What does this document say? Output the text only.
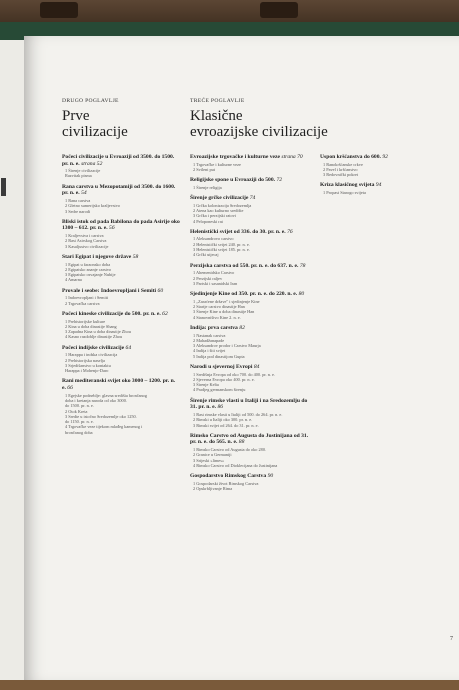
DRUGO POGLAVLJE
Prve
civilizacije
TREĆE POGLAVLJE
Klasične
evroazijske civilizacije
Počeci civilizacije u Evroaziji od 3500. do 1500. pr. n. e. strana 52
1 Širenje civilizacije
Razvitak pisma
Rana carstva u Mezopotamiji od 3500. do 1600. pr. n. e. 54
1 Rana carstva
2 Gletno sumerijsko kraljevstvo
3 Sedre narodi
Bliski istok od pada Babilona do pada Asirije oko 1300 – 612. pr. n. e. 56
1 Kraljevstva i carstva
2 Rast Asirskog Carstva
3 Kasaljustvo civilizacije
Stari Egipat i njegove države 58
1 Egipat u faraonsko doba
2 Egipatsko znanje carstvo
3 Egipatsko osvajanje Nubije
4 Amarna
Provale i seobe: Indoevropljani i Semiti 60
1 Indoevropljani i Semiti
2 Trgovačka carstva
Počeci kineske civilizacije do 500. pr. n. e. 62
1 Prehistorijske kulture
2 Kina u doba dinastije Shang
3 Zapadna Kina u doba dinastije Zhou
4 Kasno razdoblje dinastije Zhou
Počeci indijske civilizacije 64
1 Harappa i indska civilizacija
2 Prehistorijska naselja
3 Srjedišanstvo u kontaktu
Harappa i Mohenjo-Daro
Rani mediteranski svijet oko 3000 – 1200. pr. n. e. 66
1 Egejske podneblje: glavna središta brončanog
doba i kretanja naroda od oko 3000.
do 1500. pr. n. e.
2 Otok Kreta
3 Sredte u istočno Sredozemlje oko 1250.
do 1150. pr. n. e.
4 Trgovačke veze tijekom mlađeg kamenog i
brončanog doba
Evroazijske trgovačke i kulturne veze strana 70
1 Trgovačke i kulturne veze
2 Svileni put
Religijske spone u Evroaziji do 500. 72
1 Širenje religija
Širenje grčke civilizacije 74
1 Grčka kolonizacija Sredozemlja
2 Atena kao kulturno središte
3 Grčka i perzijski ratovi
4 Peloponeski rat
Helenistički svijet od 336. do 30. pr. n. e. 76
1 Aleksandrovo carstvo
2 Helenistički svijet 240. pr. n. e.
3 Helenistički svijet 185. pr. n. e.
4 Grčki utjecaj
Perzijska carstva od 550. pr. n. e. do 637. n. e. 78
1 Ahemenidsko Carstvo
2 Perzijski raljev
3 Partski i sasanidski Iran
Sjedinjenje Kine od 350. pr. n. e. do 220. n. e. 80
1 „Zaraćene države" i sjedinjenje Kine
2 Startje carstvo dinastije Han
3 Širenje Kine u doba dinastije Han
4 Stanovništvo Kine 2. n. e.
Indija: prva carstva 82
1 Nastanak carstva
2 Mahadžanapade
3 Aleksandrov prodor i Carstvo Maurja
4 Indija i šiti svijet
5 Indija pod dinastijom Gupta
Narodi u sjevernoj Evropi 84
1 Središnja Evropa od oko 700. do 400. pr. n. e.
2 Sjeverna Evropa oko 400. pr. n. e.
3 Širenje Kelta
4 Pradjeg germanskom širenju
Širenje rimske vlasti u Italiji i na Sredozemlju do 31. pr. n. e. 86
1 Rast rimske vlasti u Italiji od 500. do 264. pr. n. e.
2 Rimski u Italiji oko 300. pr. n. e.
3 Rimski svijet od 264. do 31. pr. n. e.
Rimsko Carstvo od Augusta do Justinijana od 31. pr. n. e. do 565. n. e. 88
1 Rimsko Carstvo od Augusta do oko 280.
2 Granice u Germaniji
3 Srijeski »limes«
4 Rimsko Carstvo od Dioklecijana do Justinijana
Gospodarstvo Rimskog Carstva 90
1 Gospodarski život Rimskog Carstva
2 Opskrbljivanje Rima
Uspon kršćanstva do 600. 92
1 Ranokršćanske crkve
2 Pavel i kršćanstvo
3 Redovnički pokret
Kriza klasičnog svijeta 94
1 Propast Starogo svijeta
7
